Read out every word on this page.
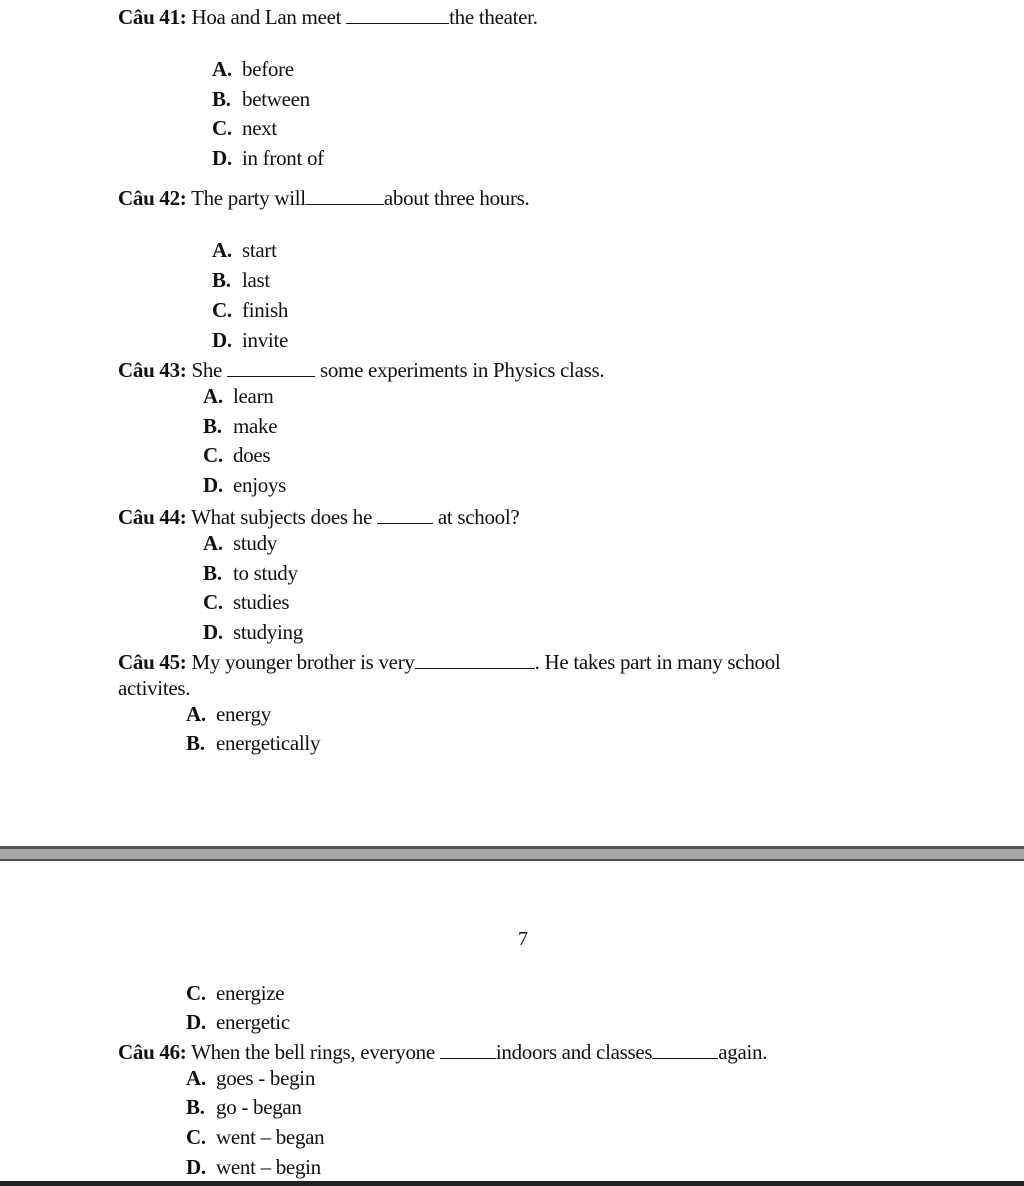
Câu 41: Hoa and Lan meet	the theater.
A. before
B. between
C. next
D. in front of
Câu 42: The party will	about three hours.
A. start
B. last
C. finish
D. invite
Câu 43: She	some experiments in Physics class.
A. learn
B. make
C. does
D. enjoys
Câu 44: What subjects does he	at school?
A. study
B. to study
C. studies
D. studying
Câu 45: My younger brother is very	. He takes part in many school
activites.
A. energy
B. energetically
7
C. energize
D. energetic
Câu 46: When the bell rings, everyone	indoors and classes	again.
A. goes - begin
B. go - began
C. went – began
D. went – begin
